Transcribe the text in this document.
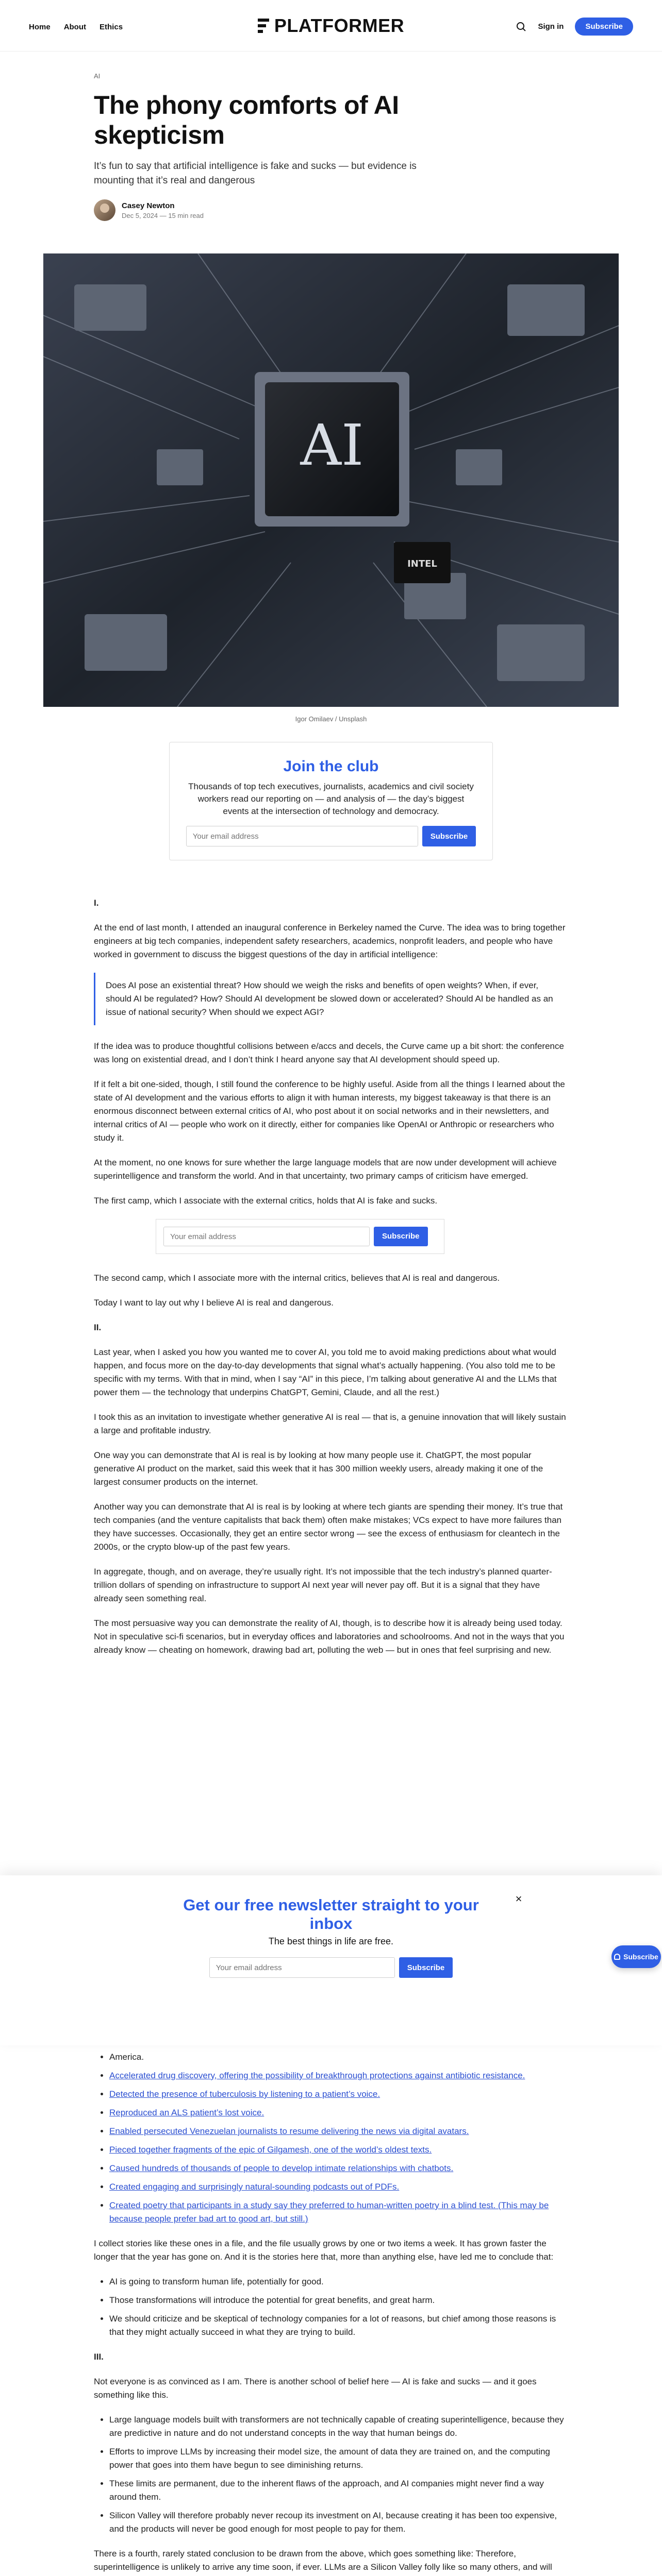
Home About Ethics	PLATFORMER	Sign in	Subscribe
AI
The phony comforts of AI skepticism

It’s fun to say that artificial intelligence is fake and sucks — but evidence is mounting that it’s real and dangerous

Casey Newton
Dec 5, 2024 — 15 min read
AI
INTEL
Igor Omilaev / Unsplash
Join the club

Thousands of top tech executives, journalists, academics and civil society workers read our reporting on — and analysis of — the day’s biggest events at the intersection of technology and democracy.

Your email address
Subscribe
I.

At the end of last month, I attended an inaugural conference in Berkeley named the Curve. The idea was to bring together engineers at big tech companies, independent safety researchers, academics, nonprofit leaders, and people who have worked in government to discuss the biggest questions of the day in artificial intelligence:

Does AI pose an existential threat? How should we weigh the risks and benefits of open weights? When, if ever, should AI be regulated? How? Should AI development be slowed down or accelerated? Should AI be handled as an issue of national security? When should we expect AGI?

If the idea was to produce thoughtful collisions between e/accs and decels, the Curve came up a bit short: the conference was long on existential dread, and I don’t think I heard anyone say that AI development should speed up.

If it felt a bit one-sided, though, I still found the conference to be highly useful. Aside from all the things I learned about the state of AI development and the various efforts to align it with human interests, my biggest takeaway is that there is an enormous disconnect between external critics of AI, who post about it on social networks and in their newsletters, and internal critics of AI — people who work on it directly, either for companies like OpenAI or Anthropic or researchers who study it.

At the moment, no one knows for sure whether the large language models that are now under development will achieve superintelligence and transform the world. And in that uncertainty, two primary camps of criticism have emerged.

The first camp, which I associate with the external critics, holds that AI is fake and sucks.

Your email address
Subscribe

The second camp, which I associate more with the internal critics, believes that AI is real and dangerous.

Today I want to lay out why I believe AI is real and dangerous.

II.

Last year, when I asked you how you wanted me to cover AI, you told me to avoid making predictions about what would happen, and focus more on the day-to-day developments that signal what’s actually happening. (You also told me to be specific with my terms. With that in mind, when I say “AI” in this piece, I’m talking about generative AI and the LLMs that power them — the technology that underpins ChatGPT, Gemini, Claude, and all the rest.)

I took this as an invitation to investigate whether generative AI is real — that is, a genuine innovation that will likely sustain a large and profitable industry.

One way you can demonstrate that AI is real is by looking at how many people use it. ChatGPT, the most popular generative AI product on the market, said this week that it has 300 million weekly users, already making it one of the largest consumer products on the internet.

Another way you can demonstrate that AI is real is by looking at where tech giants are spending their money. It’s true that tech companies (and the venture capitalists that back them) often make mistakes; VCs expect to have more failures than they have successes. Occasionally, they get an entire sector wrong — see the excess of enthusiasm for cleantech in the 2000s, or the crypto blow-up of the past few years.

In aggregate, though, and on average, they’re usually right. It’s not impossible that the tech industry’s planned quarter-trillion dollars of spending on infrastructure to support AI next year will never pay off. But it is a signal that they have already seen something real.

The most persuasive way you can demonstrate the reality of AI, though, is to describe how it is already being used today. Not in speculative sci-fi scenarios, but in everyday offices and laboratories and schoolrooms. And not in the ways that you already know — cheating on homework, drawing bad art, polluting the web — but in ones that feel surprising and new.

• America.
• Accelerated drug discovery, offering the possibility of breakthrough protections against antibiotic resistance.
• Detected the presence of tuberculosis by listening to a patient’s voice.
• Reproduced an ALS patient’s lost voice.
• Enabled persecuted Venezuelan journalists to resume delivering the news via digital avatars.
• Pieced together fragments of the epic of Gilgamesh, one of the world’s oldest texts.
• Caused hundreds of thousands of people to develop intimate relationships with chatbots.
• Created engaging and surprisingly natural-sounding podcasts out of PDFs.
• Created poetry that participants in a study say they preferred to human-written poetry in a blind test. (This may be because people prefer bad art to good art, but still.)

I collect stories like these ones in a file, and the file usually grows by one or two items a week. It has grown faster the longer that the year has gone on. And it is the stories here that, more than anything else, have led me to conclude that:

• AI is going to transform human life, potentially for good.
• Those transformations will introduce the potential for great benefits, and great harm.
• We should criticize and be skeptical of technology companies for a lot of reasons, but chief among those reasons is that they might actually succeed in what they are trying to build.
III.

Not everyone is as convinced as I am. There is another school of belief here — AI is fake and sucks — and it goes something like this.

• Large language models built with transformers are not technically capable of creating superintelligence, because they are predictive in nature and do not understand concepts in the way that human beings do.
• Efforts to improve LLMs by increasing their model size, the amount of data they are trained on, and the computing power that goes into them have begun to see diminishing returns.
• These limits are permanent, due to the inherent flaws of the approach, and AI companies might never find a way around them.
• Silicon Valley will therefore probably never recoup its investment on AI, because creating it has been too expensive, and the products will never be good enough for most people to pay for them.

There is a fourth, rarely stated conclusion to be drawn from the above, which goes something like: Therefore, superintelligence is unlikely to arrive any time soon, if ever. LLMs are a Silicon Valley folly like so many others, and will

Get our free newsletter straight to your inbox

The best things in life are free.

Your email address
Subscribe
×
Subscribe
